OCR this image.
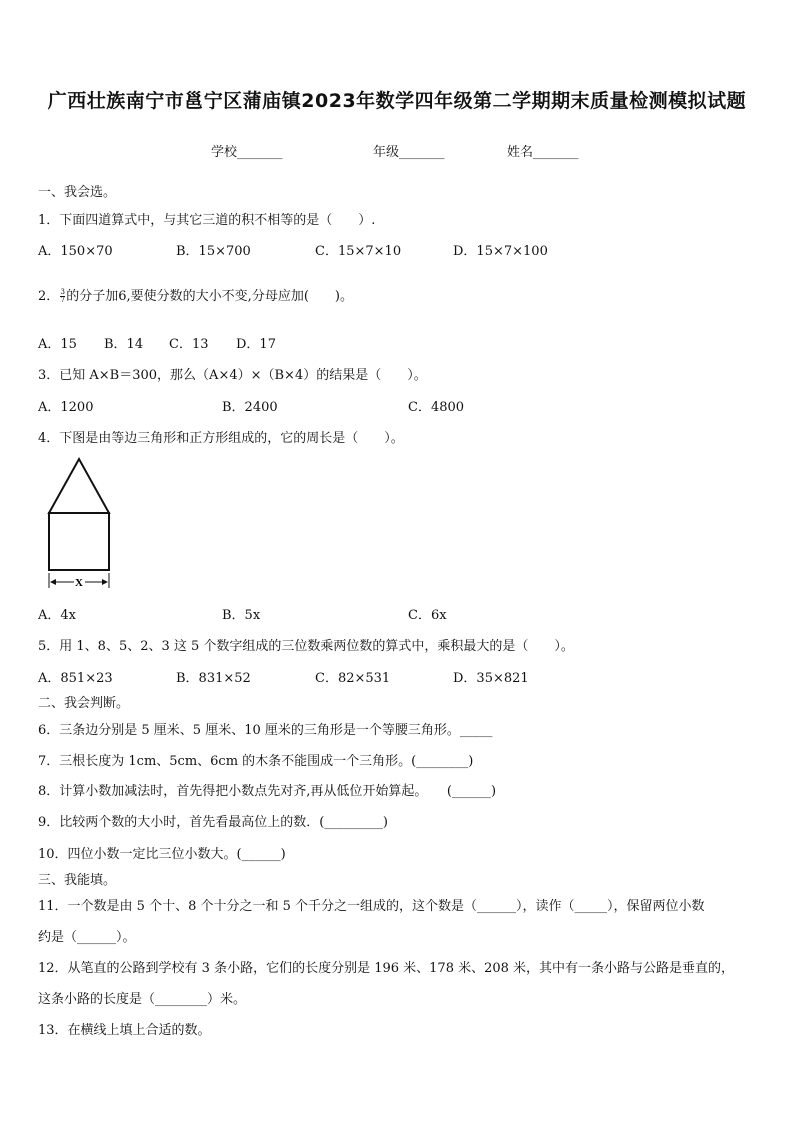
广西壮族南宁市邕宁区蒲庙镇2023年数学四年级第二学期期末质量检测模拟试题
学校_______	年级_______	姓名_______
一、我会选。
1．下面四道算式中，与其它三道的积不相等的是（　　）.
A．150×70	B．15×700	C．15×7×10	D．15×7×100
2． $\frac{3}{7}$ 的分子加6,要使分数的大小不变,分母应加(　　)。
A．15 B．14 C．13 D．17
3．已知 A×B＝300，那么（A×4）×（B×4）的结果是（　　）。
A．1200	B．2400	C．4800
4．下图是由等边三角形和正方形组成的，它的周长是（　　）。
X
A．4x	B．5x	C．6x
5．用 1、8、5、2、3 这 5 个数字组成的三位数乘两位数的算式中，乘积最大的是（　　）。
A．851×23	B．831×52	C．82×531	D．35×821
二、我会判断。
6．三条边分别是 5 厘米、5 厘米、10 厘米的三角形是一个等腰三角形。_____
7．三根长度为 1cm、5cm、6cm 的木条不能围成一个三角形。(________)
8．计算小数加减法时，首先得把小数点先对齐,再从低位开始算起。　　(______)
9．比较两个数的大小时，首先看最高位上的数．(_________)
10．四位小数一定比三位小数大。(______)
三、我能填。
11．一个数是由 5 个十、8 个十分之一和 5 个千分之一组成的，这个数是（______），读作（_____），保留两位小数
约是（______）。
12．从笔直的公路到学校有 3 条小路，它们的长度分别是 196 米、178 米、208 米，其中有一条小路与公路是垂直的，
这条小路的长度是（________）米。
13．在横线上填上合适的数。
